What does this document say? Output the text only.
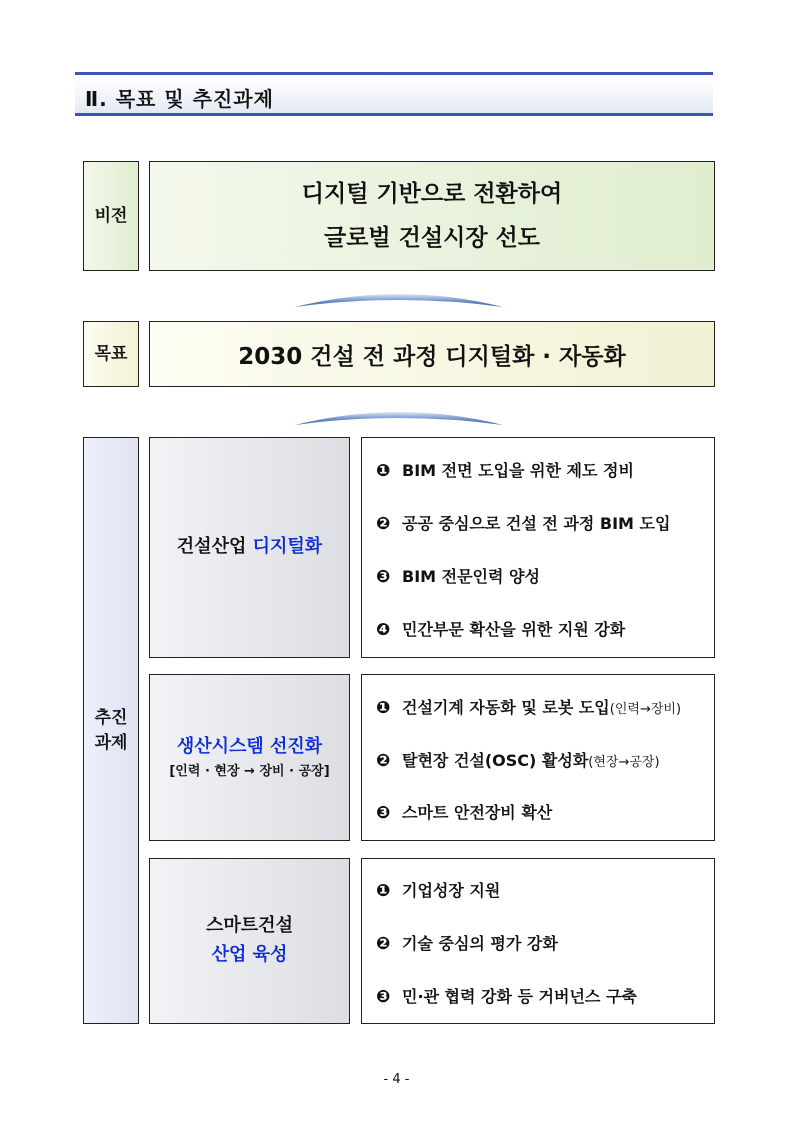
Ⅱ. 목표 및 추진과제
비전
디지털 기반으로 전환하여
글로벌 건설시장 선도
목표	2030 건설 전 과정 디지털화 · 자동화
추진
과제
건설산업 디지털화
❶ BIM 전면 도입을 위한 제도 정비
❷ 공공 중심으로 건설 전 과정 BIM 도입
❸ BIM 전문인력 양성
❹ 민간부문 확산을 위한 지원 강화
생산시스템 선진화
[인력 · 현장 → 장비 · 공장]
❶ 건설기계 자동화 및 로봇 도입(인력→장비)
❷ 탈현장 건설(OSC) 활성화(현장→공장)
❸ 스마트 안전장비 확산
스마트건설
산업 육성
❶ 기업성장 지원
❷ 기술 중심의 평가 강화
❸ 민·관 협력 강화 등 거버넌스 구축
- 4 -
